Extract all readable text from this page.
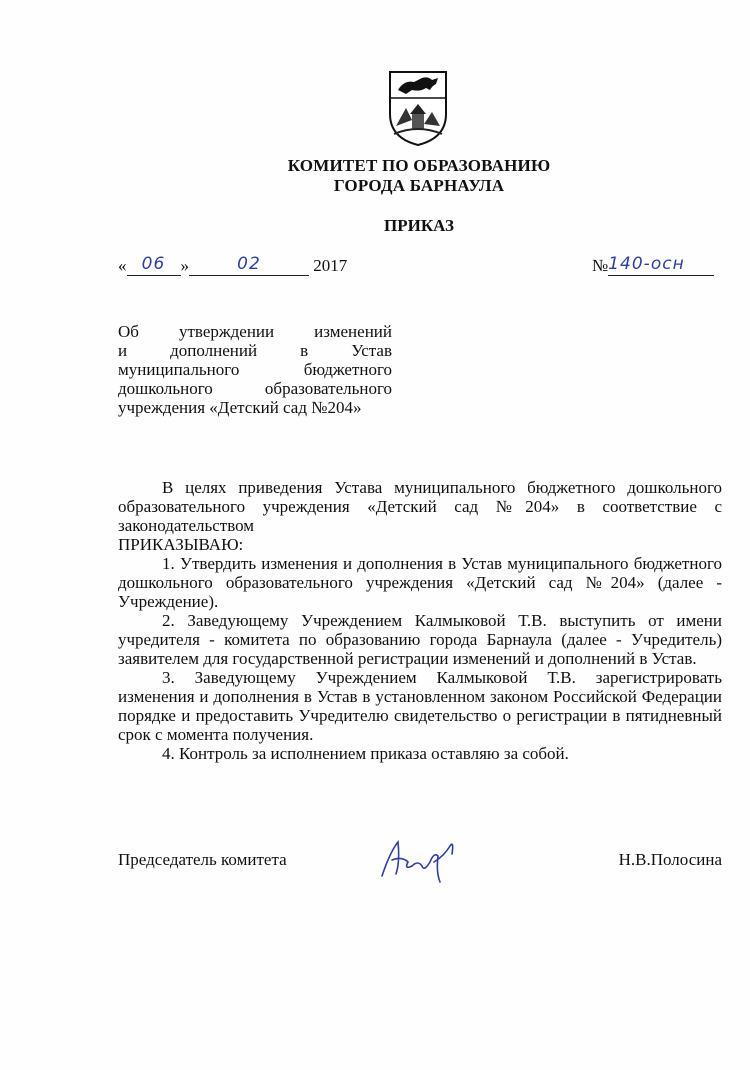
КОМИТЕТ ПО ОБРАЗОВАНИЮ
ГОРОДА БАРНАУЛА
ПРИКАЗ
« 06 »	02	2017	№140-осн
Об утверждении изменений
и дополнений в Устав
муниципального бюджетного
дошкольного образовательного
учреждения «Детский сад №204»

В целях приведения Устава муниципального бюджетного дошкольного образовательного учреждения «Детский сад №204» в соответствие с законодательством

ПРИКАЗЫВАЮ:

1. Утвердить изменения и дополнения в Устав муниципального бюджетного дошкольного образовательного учреждения «Детский сад №204» (далее - Учреждение).

2. Заведующему Учреждением Калмыковой Т.В. выступить от имени учредителя - комитета по образованию города Барнаула (далее - Учредитель) заявителем для государственной регистрации изменений и дополнений в Устав.

3. Заведующему Учреждением Калмыковой Т.В. зарегистрировать изменения и дополнения в Устав в установленном законом Российской Федерации порядке и предоставить Учредителю свидетельство о регистрации в пятидневный срок с момента получения.

4. Контроль за исполнением приказа оставляю за собой.

Председатель комитета	Н.В.Полосина
